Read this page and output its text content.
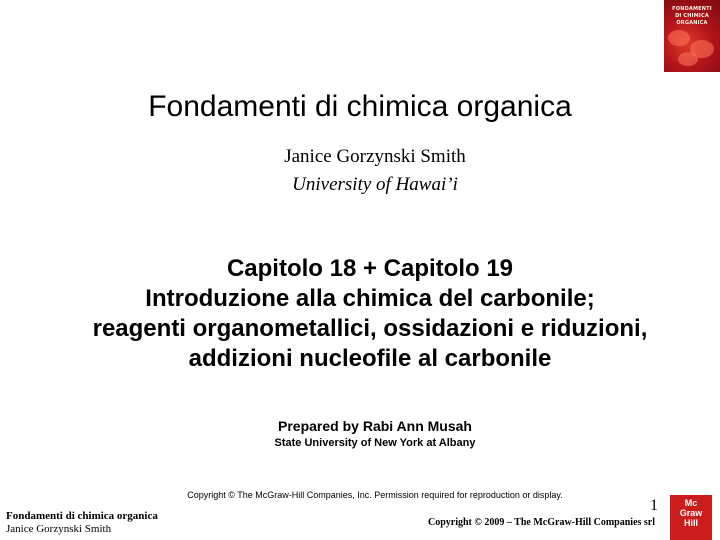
FONDAMENTI
DI CHIMICA
ORGANICA
Fondamenti di chimica organica
Janice Gorzynski Smith
University of Hawai’i
Capitolo 18 + Capitolo 19
Introduzione alla chimica del carbonile;
reagenti organometallici, ossidazioni e riduzioni,
addizioni nucleofile al carbonile
Prepared by Rabi Ann Musah
State University of New York at Albany
Copyright © The McGraw-Hill Companies, Inc. Permission required for reproduction or display.
1
Fondamenti di chimica organica
Janice Gorzynski Smith
Copyright © 2009 – The McGraw-Hill Companies srl
Mc
Graw
Hill
